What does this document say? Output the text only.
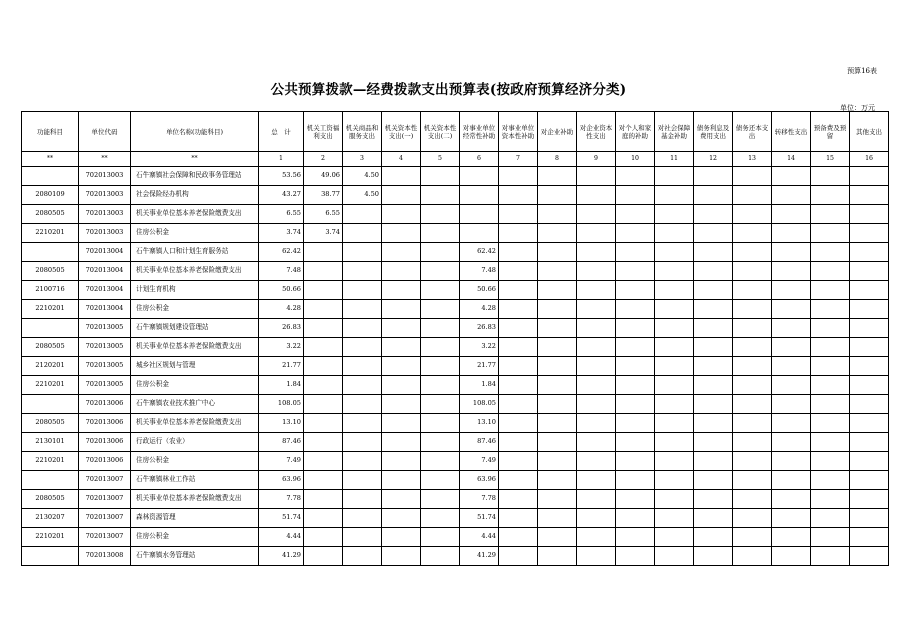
预算16表
公共预算拨款—经费拨款支出预算表(按政府预算经济分类)
单位：万元
功能科目	单位代码	单位名称(功能科目)	总　计	机关工资福利支出	机关商品和服务支出	机关资本性支出(一)	机关资本性支出(二)	对事业单位经常性补助	对事业单位资本性补助	对企业补助	对企业资本性支出	对个人和家庭的补助	对社会保障基金补助	债务利息及费用支出	债务还本支出	转移性支出	预备费及预留	其他支出
**	**	**	1	2	3	4	5	6	7	8	9	10	11	12	13	14	15	16
	702013003	石牛寨镇社会保障和民政事务管理站	53.56	49.06	4.50													
2080109	702013003	社会保险经办机构	43.27	38.77	4.50													
2080505	702013003	机关事业单位基本养老保险缴费支出	6.55	6.55														
2210201	702013003	住房公积金	3.74	3.74														
	702013004	石牛寨镇人口和计划生育服务站	62.42					62.42										
2080505	702013004	机关事业单位基本养老保险缴费支出	7.48					7.48										
2100716	702013004	计划生育机构	50.66					50.66										
2210201	702013004	住房公积金	4.28					4.28										
	702013005	石牛寨镇规划建设管理站	26.83					26.83										
2080505	702013005	机关事业单位基本养老保险缴费支出	3.22					3.22										
2120201	702013005	城乡社区规划与管理	21.77					21.77										
2210201	702013005	住房公积金	1.84					1.84										
	702013006	石牛寨镇农业技术推广中心	108.05					108.05										
2080505	702013006	机关事业单位基本养老保险缴费支出	13.10					13.10										
2130101	702013006	行政运行（农业）	87.46					87.46										
2210201	702013006	住房公积金	7.49					7.49										
	702013007	石牛寨镇林业工作站	63.96					63.96										
2080505	702013007	机关事业单位基本养老保险缴费支出	7.78					7.78										
2130207	702013007	森林资源管理	51.74					51.74										
2210201	702013007	住房公积金	4.44					4.44										
	702013008	石牛寨镇水务管理站	41.29					41.29										
